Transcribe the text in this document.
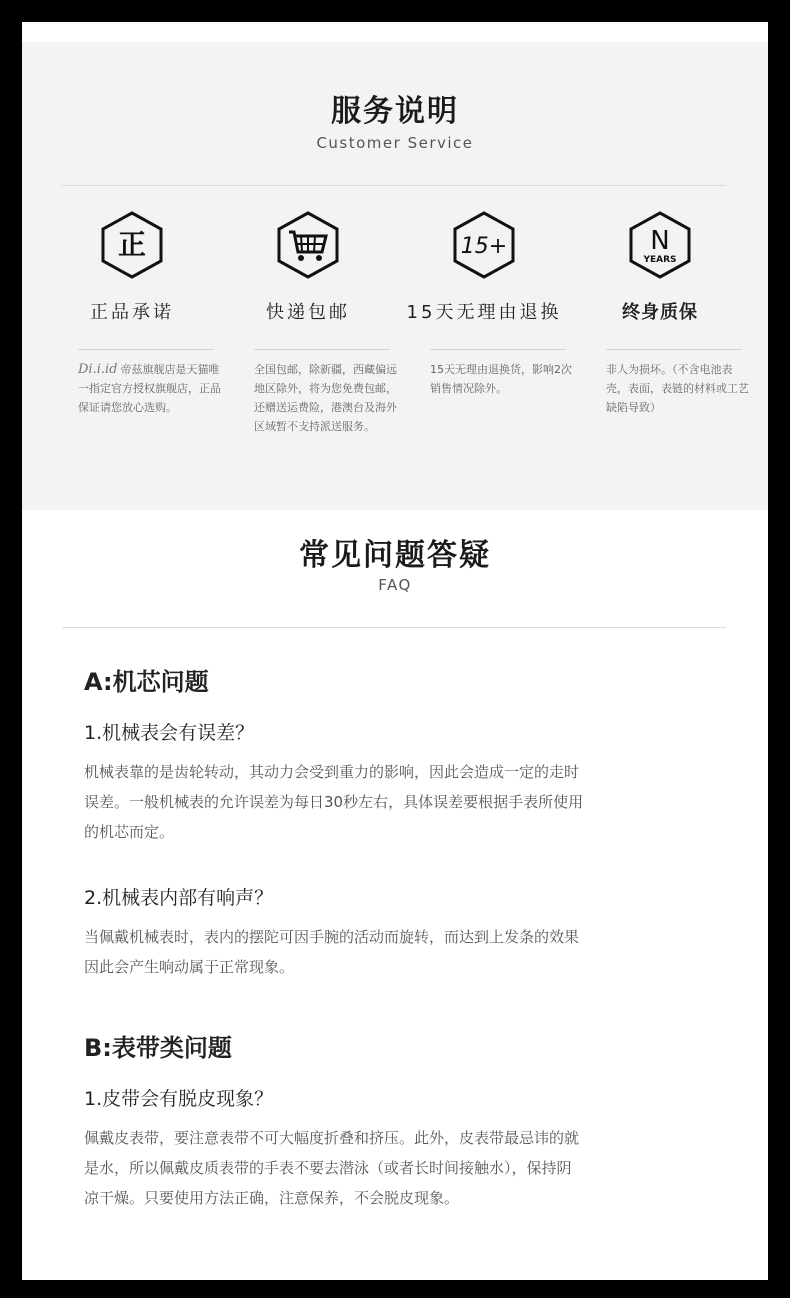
服务说明
Customer Service
正
正品承诺
Di.i.id 帝兹旗舰店是天猫唯一指定官方授权旗舰店，正品保证请您放心选购。
快递包邮
全国包邮，除新疆，西藏偏远地区除外，将为您免费包邮，还赠送运费险，港澳台及海外区域暂不支持派送服务。
15+
15天无理由退换
15天无理由退换货，影响2次销售情况除外。
N
YEARS
终身质保
非人为损坏。（不含电池表壳，表面，表链的材料或工艺缺陷导致）
常见问题答疑
FAQ
A:机芯问题
1.机械表会有误差？
机械表靠的是齿轮转动，其动力会受到重力的影响，因此会造成一定的走时
误差。一般机械表的允许误差为每日30秒左右，具体误差要根据手表所使用
的机芯而定。
2.机械表内部有响声？
当佩戴机械表时，表内的摆陀可因手腕的活动而旋转，而达到上发条的效果
因此会产生响动属于正常现象。
B:表带类问题
1.皮带会有脱皮现象？
佩戴皮表带，要注意表带不可大幅度折叠和挤压。此外，皮表带最忌讳的就
是水，所以佩戴皮质表带的手表不要去潜泳（或者长时间接触水），保持阴
凉干燥。只要使用方法正确，注意保养，不会脱皮现象。
